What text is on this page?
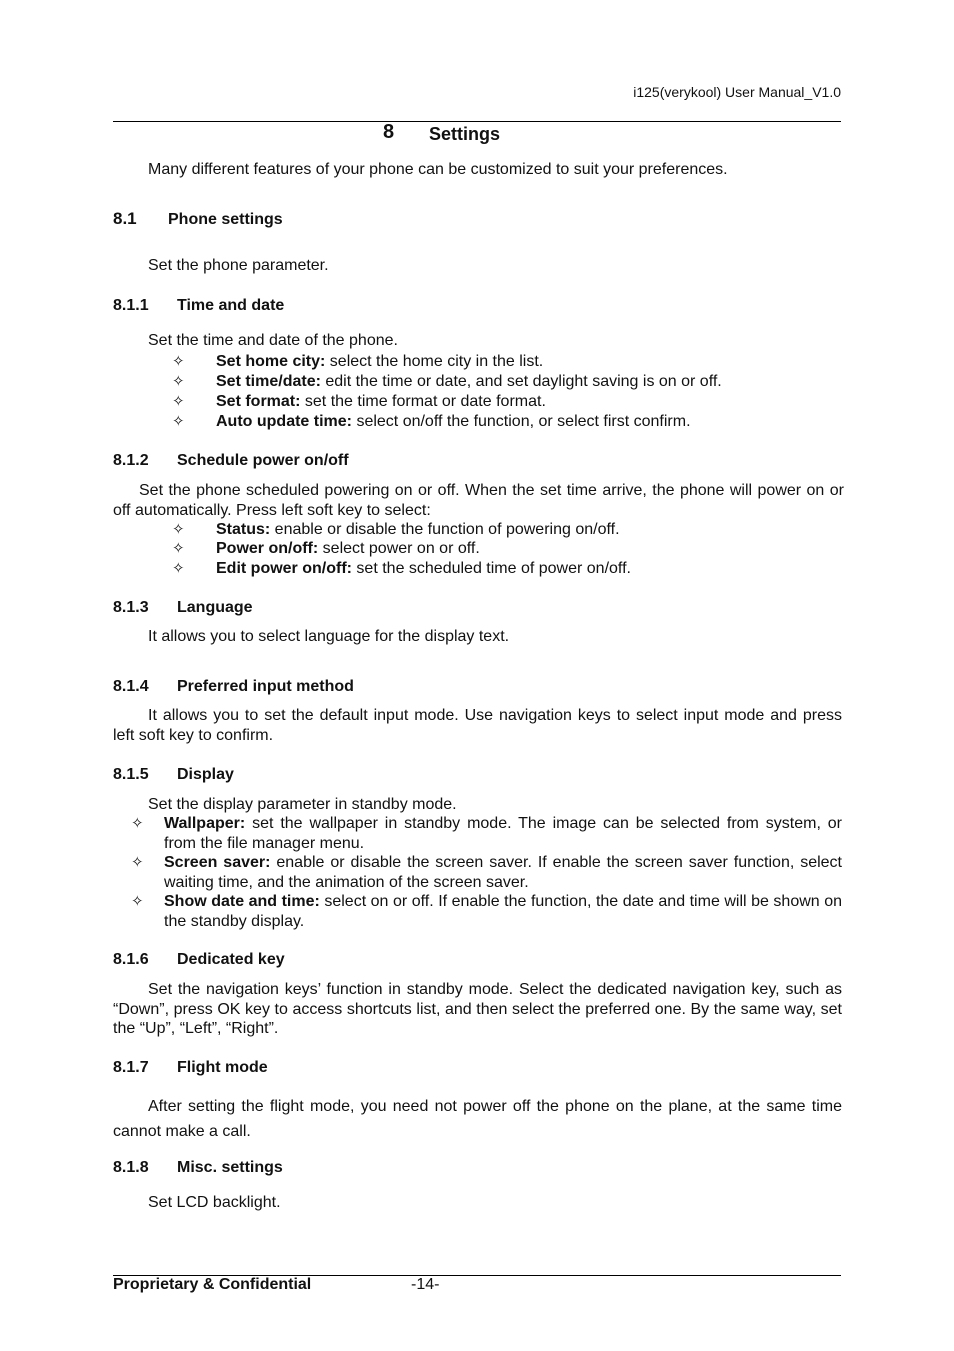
i125(verykool) User Manual_V1.0
8 Settings
Many different features of your phone can be customized to suit your preferences.
8.1 Phone settings
Set the phone parameter.
8.1.1 Time and date
Set the time and date of the phone.
✧ Set home city: select the home city in the list.
✧ Set time/date: edit the time or date, and set daylight saving is on or off.
✧ Set format: set the time format or date format.
✧ Auto update time: select on/off the function, or select first confirm.
8.1.2 Schedule power on/off
Set the phone scheduled powering on or off. When the set time arrive, the phone will power on or off automatically. Press left soft key to select:
✧ Status: enable or disable the function of powering on/off.
✧ Power on/off: select power on or off.
✧ Edit power on/off: set the scheduled time of power on/off.
8.1.3 Language
It allows you to select language for the display text.
8.1.4 Preferred input method
It allows you to set the default input mode. Use navigation keys to select input mode and press left soft key to confirm.
8.1.5 Display
Set the display parameter in standby mode.
✧ Wallpaper: set the wallpaper in standby mode. The image can be selected from system, or from the file manager menu.
✧ Screen saver: enable or disable the screen saver. If enable the screen saver function, select waiting time, and the animation of the screen saver.
✧ Show date and time: select on or off. If enable the function, the date and time will be shown on the standby display.
8.1.6 Dedicated key
Set the navigation keys’ function in standby mode. Select the dedicated navigation key, such as “Down”, press OK key to access shortcuts list, and then select the preferred one. By the same way, set the “Up”, “Left”, “Right”.
8.1.7 Flight mode
After setting the flight mode, you need not power off the phone on the plane, at the same time cannot make a call.
8.1.8 Misc. settings
Set LCD backlight.
Proprietary & Confidential	-14-
